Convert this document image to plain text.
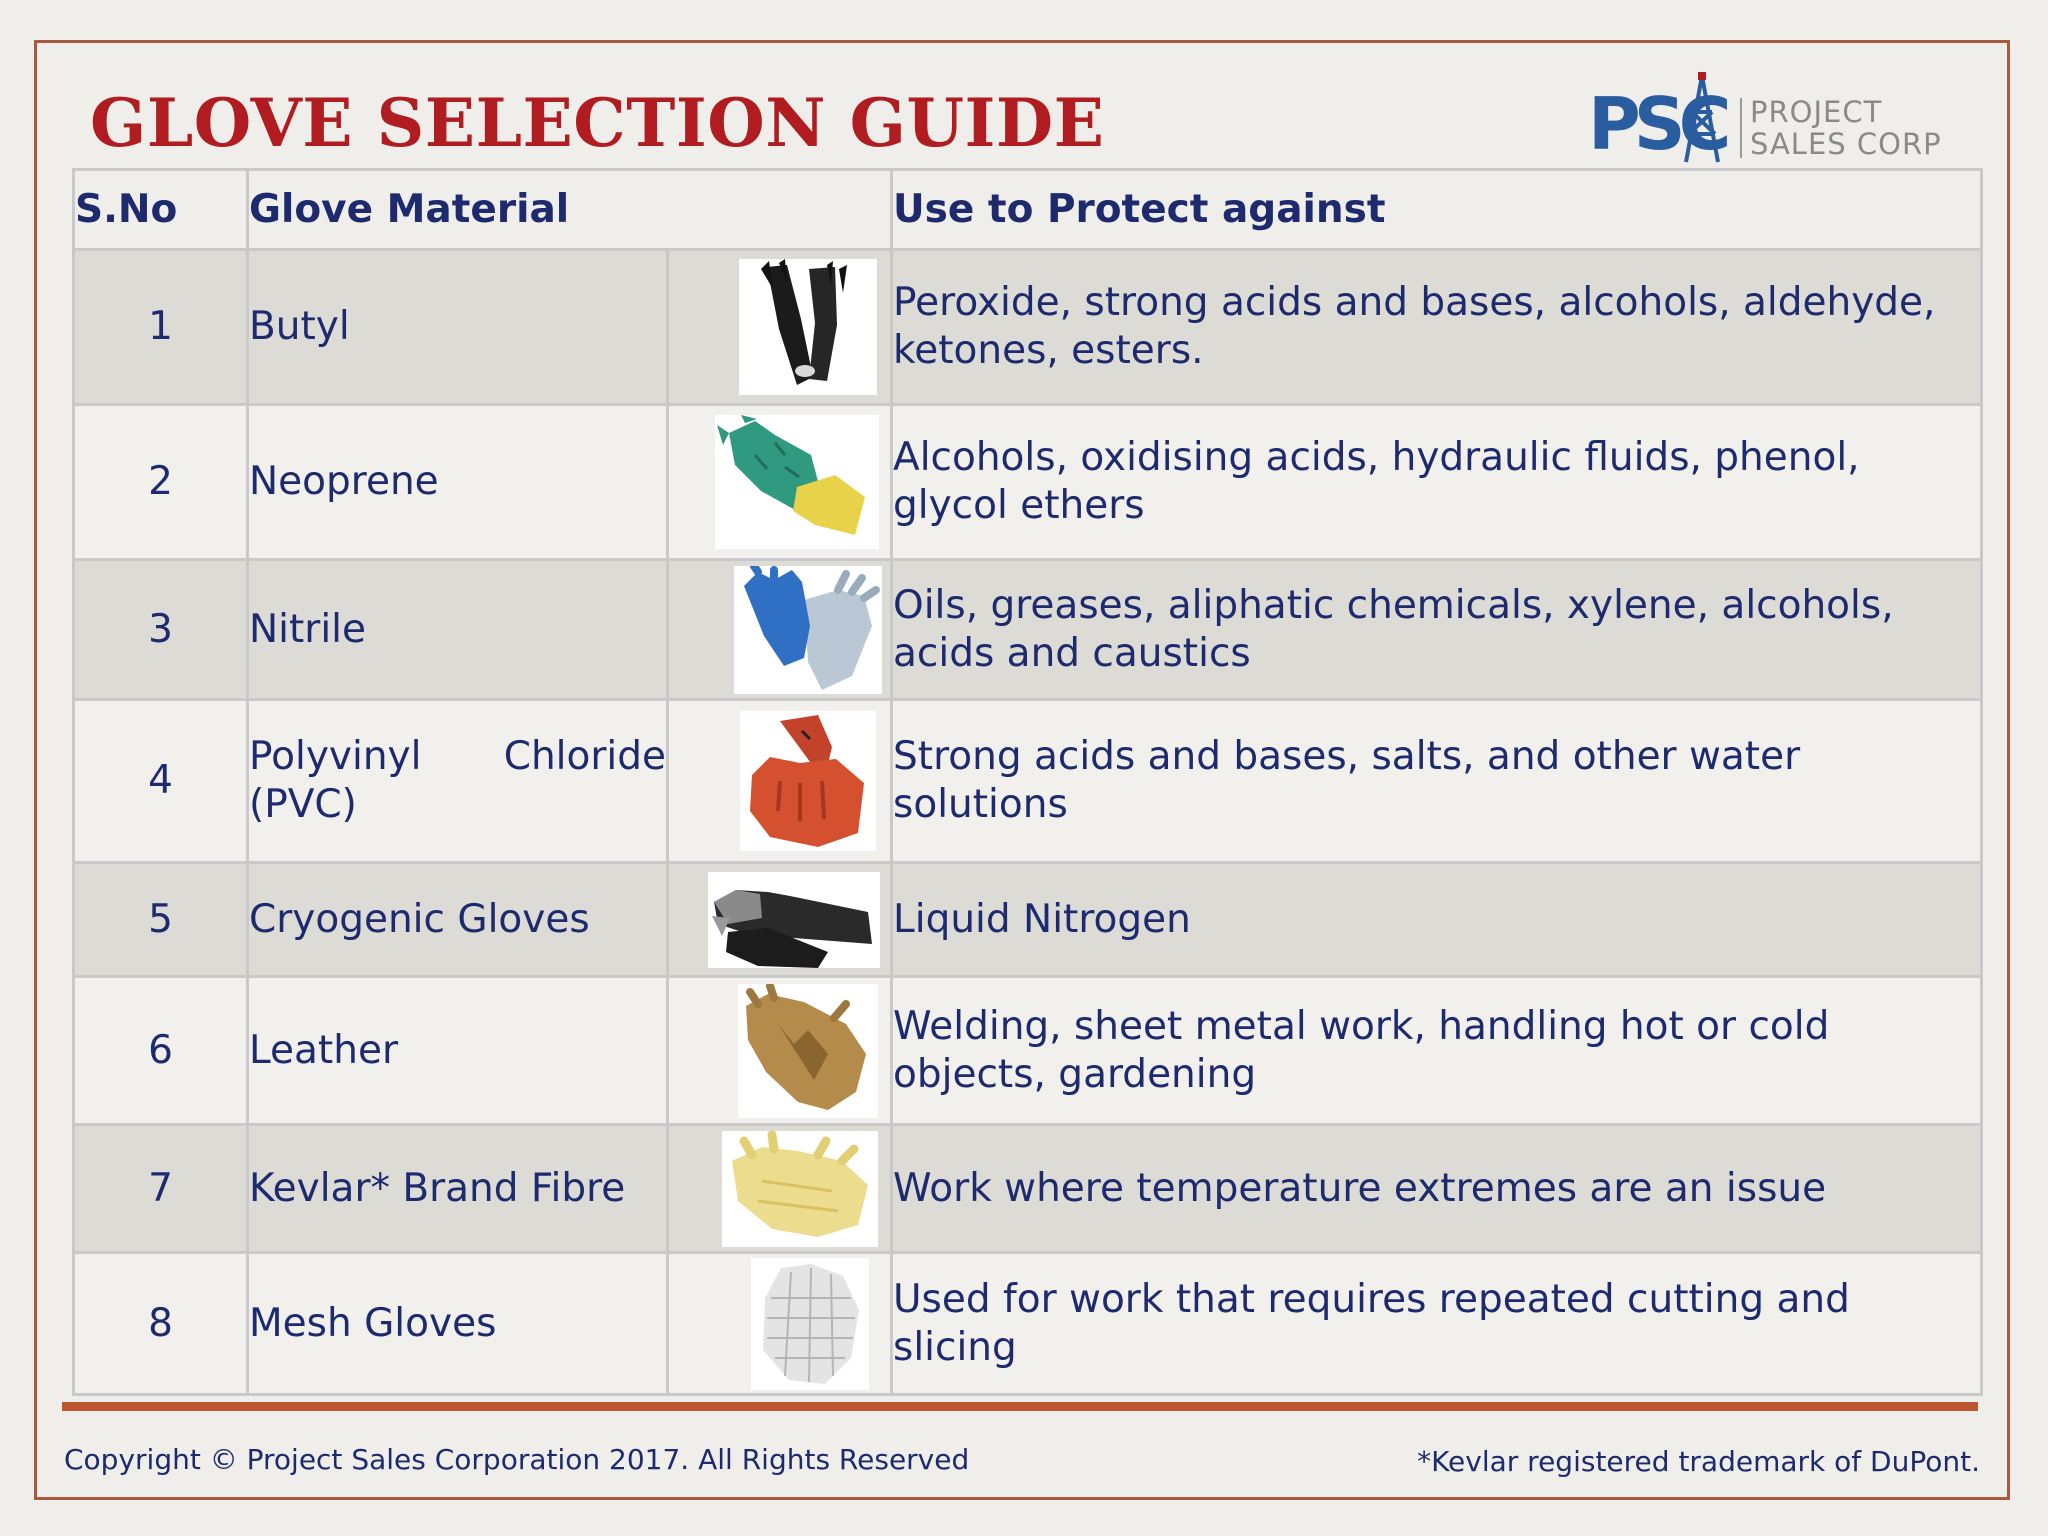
GLOVE SELECTION GUIDE	PSC PROJECT
SALES CORP
S.No	Glove Material		Use to Protect against
1	Butyl		Peroxide, strong acids and bases, alcohols, aldehyde, ketones, esters.
2	Neoprene		Alcohols, oxidising acids, hydraulic fluids, phenol, glycol ethers
3	Nitrile		Oils, greases, aliphatic chemicals, xylene, alcohols, acids and caustics
4	Polyvinyl Chloride (PVC)		Strong acids and bases, salts, and other water solutions
5	Cryogenic Gloves		Liquid Nitrogen
6	Leather		Welding, sheet metal work, handling hot or cold objects, gardening
7	Kevlar* Brand Fibre		Work where temperature extremes are an issue
8	Mesh Gloves		Used for work that requires repeated cutting and slicing
Copyright © Project Sales Corporation 2017. All Rights Reserved	*Kevlar registered trademark of DuPont.
